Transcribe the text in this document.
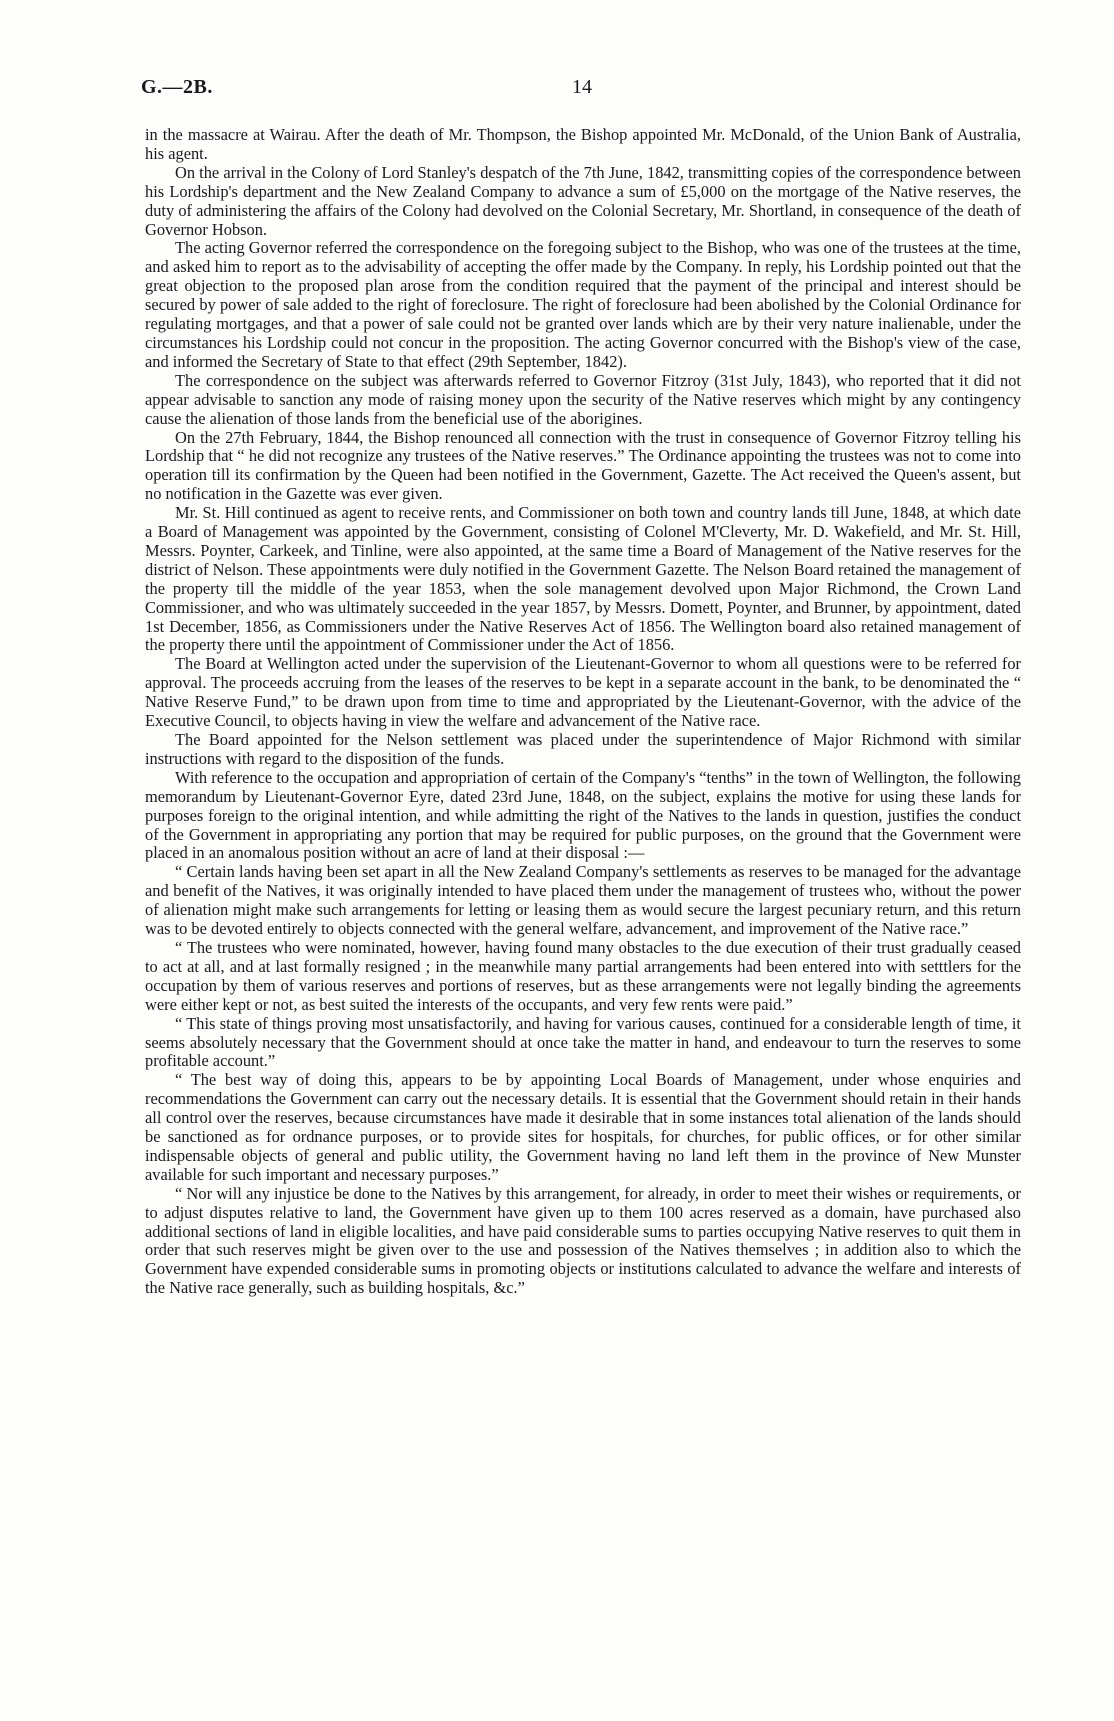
G.—2B.	14

in the massacre at Wairau. After the death of Mr. Thompson, the Bishop appointed Mr. McDonald, of the Union Bank of Australia, his agent.

On the arrival in the Colony of Lord Stanley's despatch of the 7th June, 1842, transmitting copies of the correspondence between his Lordship's department and the New Zealand Company to advance a sum of £5,000 on the mortgage of the Native reserves, the duty of administering the affairs of the Colony had devolved on the Colonial Secretary, Mr. Shortland, in consequence of the death of Governor Hobson.

The acting Governor referred the correspondence on the foregoing subject to the Bishop, who was one of the trustees at the time, and asked him to report as to the advisability of accepting the offer made by the Company. In reply, his Lordship pointed out that the great objection to the proposed plan arose from the condition required that the payment of the principal and interest should be secured by power of sale added to the right of foreclosure. The right of foreclosure had been abolished by the Colonial Ordinance for regulating mortgages, and that a power of sale could not be granted over lands which are by their very nature inalienable, under the circumstances his Lordship could not concur in the proposition. The acting Governor concurred with the Bishop's view of the case, and informed the Secretary of State to that effect (29th September, 1842).

The correspondence on the subject was afterwards referred to Governor Fitzroy (31st July, 1843), who reported that it did not appear advisable to sanction any mode of raising money upon the security of the Native reserves which might by any contingency cause the alienation of those lands from the beneficial use of the aborigines.

On the 27th February, 1844, the Bishop renounced all connection with the trust in consequence of Governor Fitzroy telling his Lordship that “ he did not recognize any trustees of the Native reserves.” The Ordinance appointing the trustees was not to come into operation till its confirmation by the Queen had been notified in the Government, Gazette. The Act received the Queen's assent, but no notification in the Gazette was ever given.

Mr. St. Hill continued as agent to receive rents, and Commissioner on both town and country lands till June, 1848, at which date a Board of Management was appointed by the Government, consisting of Colonel M'Cleverty, Mr. D. Wakefield, and Mr. St. Hill, Messrs. Poynter, Carkeek, and Tinline, were also appointed, at the same time a Board of Management of the Native reserves for the district of Nelson. These appointments were duly notified in the Government Gazette. The Nelson Board retained the management of the property till the middle of the year 1853, when the sole management devolved upon Major Richmond, the Crown Land Commissioner, and who was ultimately succeeded in the year 1857, by Messrs. Domett, Poynter, and Brunner, by appointment, dated 1st December, 1856, as Commissioners under the Native Reserves Act of 1856. The Wellington board also retained management of the property there until the appointment of Commissioner under the Act of 1856.

The Board at Wellington acted under the supervision of the Lieutenant-Governor to whom all questions were to be referred for approval. The proceeds accruing from the leases of the reserves to be kept in a separate account in the bank, to be denominated the “ Native Reserve Fund,” to be drawn upon from time to time and appropriated by the Lieutenant-Governor, with the advice of the Executive Council, to objects having in view the welfare and advancement of the Native race.

The Board appointed for the Nelson settlement was placed under the superintendence of Major Richmond with similar instructions with regard to the disposition of the funds.

With reference to the occupation and appropriation of certain of the Company's “tenths” in the town of Wellington, the following memorandum by Lieutenant-Governor Eyre, dated 23rd June, 1848, on the subject, explains the motive for using these lands for purposes foreign to the original intention, and while admitting the right of the Natives to the lands in question, justifies the conduct of the Government in appropriating any portion that may be required for public purposes, on the ground that the Government were placed in an anomalous position without an acre of land at their disposal :—

“ Certain lands having been set apart in all the New Zealand Company's settlements as reserves to be managed for the advantage and benefit of the Natives, it was originally intended to have placed them under the management of trustees who, without the power of alienation might make such arrangements for letting or leasing them as would secure the largest pecuniary return, and this return was to be devoted entirely to objects connected with the general welfare, advancement, and improvement of the Native race.”

“ The trustees who were nominated, however, having found many obstacles to the due execution of their trust gradually ceased to act at all, and at last formally resigned ; in the meanwhile many partial arrangements had been entered into with setttlers for the occupation by them of various reserves and portions of reserves, but as these arrangements were not legally binding the agreements were either kept or not, as best suited the interests of the occupants, and very few rents were paid.”

“ This state of things proving most unsatisfactorily, and having for various causes, continued for a considerable length of time, it seems absolutely necessary that the Government should at once take the matter in hand, and endeavour to turn the reserves to some profitable account.”

“ The best way of doing this, appears to be by appointing Local Boards of Management, under whose enquiries and recommendations the Government can carry out the necessary details. It is essential that the Government should retain in their hands all control over the reserves, because circumstances have made it desirable that in some instances total alienation of the lands should be sanctioned as for ordnance purposes, or to provide sites for hospitals, for churches, for public offices, or for other similar indispensable objects of general and public utility, the Government having no land left them in the province of New Munster available for such important and necessary purposes.”

“ Nor will any injustice be done to the Natives by this arrangement, for already, in order to meet their wishes or requirements, or to adjust disputes relative to land, the Government have given up to them 100 acres reserved as a domain, have purchased also additional sections of land in eligible localities, and have paid considerable sums to parties occupying Native reserves to quit them in order that such reserves might be given over to the use and possession of the Natives themselves ; in addition also to which the Government have expended considerable sums in promoting objects or institutions calculated to advance the welfare and interests of the Native race generally, such as building hospitals, &c.”
